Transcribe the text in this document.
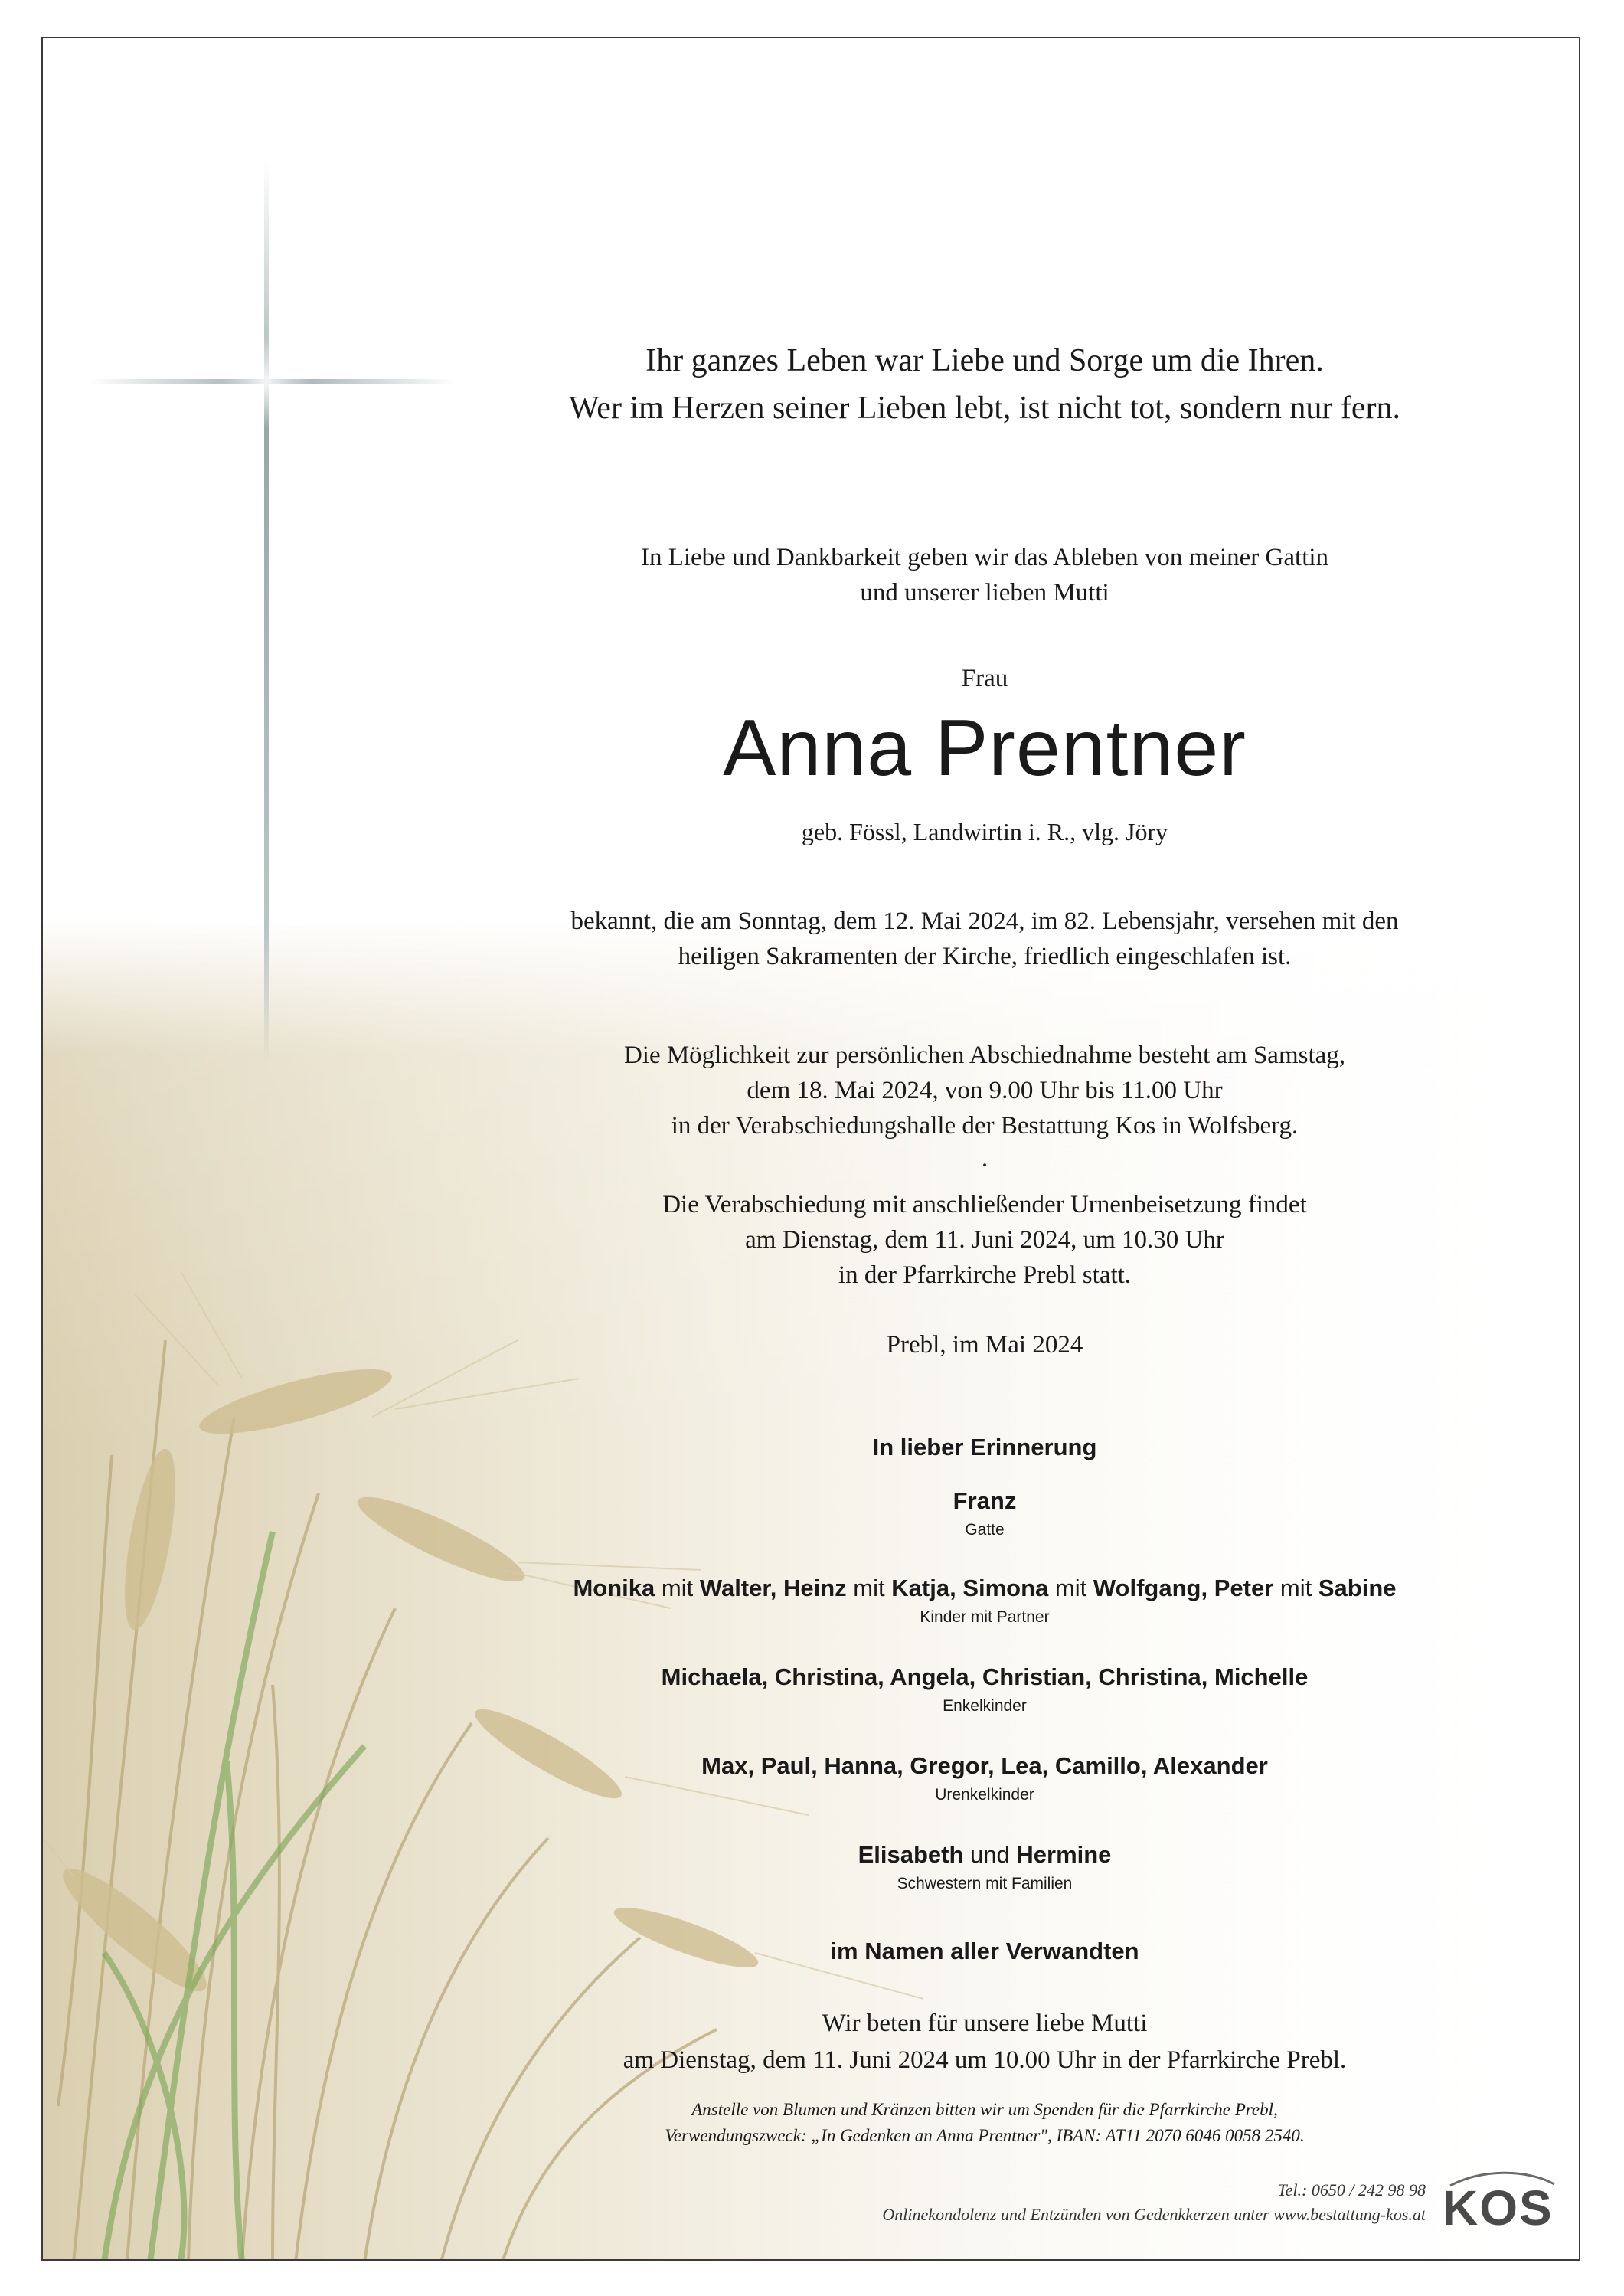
Ihr ganzes Leben war Liebe und Sorge um die Ihren.
Wer im Herzen seiner Lieben lebt, ist nicht tot, sondern nur fern.
In Liebe und Dankbarkeit geben wir das Ableben von meiner Gattin
und unserer lieben Mutti
Frau
Anna Prentner
geb. Fössl, Landwirtin i. R., vlg. Jöry
bekannt, die am Sonntag, dem 12. Mai 2024, im 82. Lebensjahr, versehen mit den
heiligen Sakramenten der Kirche, friedlich eingeschlafen ist.
Die Möglichkeit zur persönlichen Abschiednahme besteht am Samstag,
dem 18. Mai 2024, von 9.00 Uhr bis 11.00 Uhr
in der Verabschiedungshalle der Bestattung Kos in Wolfsberg.
.
Die Verabschiedung mit anschließender Urnenbeisetzung findet
am Dienstag, dem 11. Juni 2024, um 10.30 Uhr
in der Pfarrkirche Prebl statt.
Prebl, im Mai 2024
In lieber Erinnerung
Franz
Gatte
Monika mit Walter, Heinz mit Katja, Simona mit Wolfgang, Peter mit Sabine
Kinder mit Partner
Michaela, Christina, Angela, Christian, Christina, Michelle
Enkelkinder
Max, Paul, Hanna, Gregor, Lea, Camillo, Alexander
Urenkelkinder
Elisabeth und Hermine
Schwestern mit Familien
im Namen aller Verwandten
Wir beten für unsere liebe Mutti
am Dienstag, dem 11. Juni 2024 um 10.00 Uhr in der Pfarrkirche Prebl.
Anstelle von Blumen und Kränzen bitten wir um Spenden für die Pfarrkirche Prebl,
Verwendungszweck: „In Gedenken an Anna Prentner", IBAN: AT11 2070 6046 0058 2540.
Tel.: 0650 / 242 98 98
Onlinekondolenz und Entzünden von Gedenkkerzen unter www.bestattung-kos.at KOS
